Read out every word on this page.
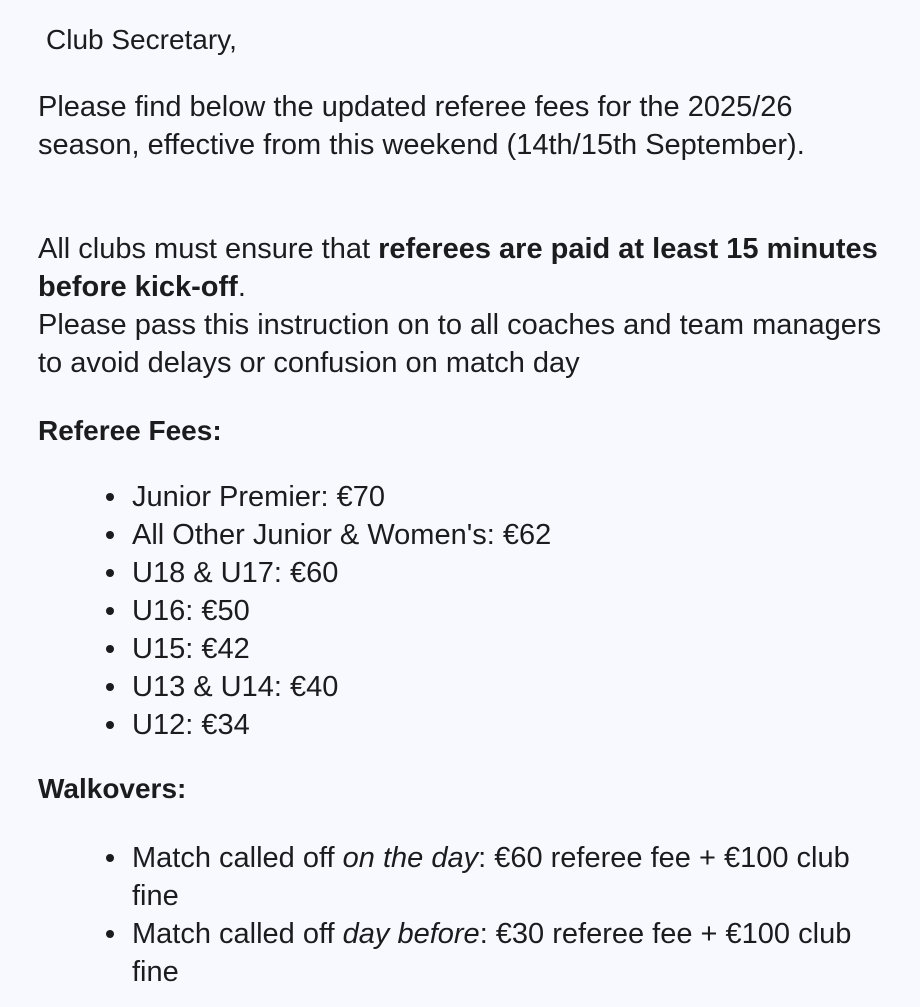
Club Secretary,

Please find below the updated referee fees for the 2025/26 season, effective from this weekend (14th/15th September).

All clubs must ensure that referees are paid at least 15 minutes before kick-off.

Please pass this instruction on to all coaches and team managers to avoid delays or confusion on match day

Referee Fees:

Junior Premier: €70
All Other Junior & Women's: €62
U18 & U17: €60
U16: €50
U15: €42
U13 & U14: €40
U12: €34

Walkovers:

Match called off on the day: €60 referee fee + €100 club fine
Match called off day before: €30 referee fee + €100 club fine
